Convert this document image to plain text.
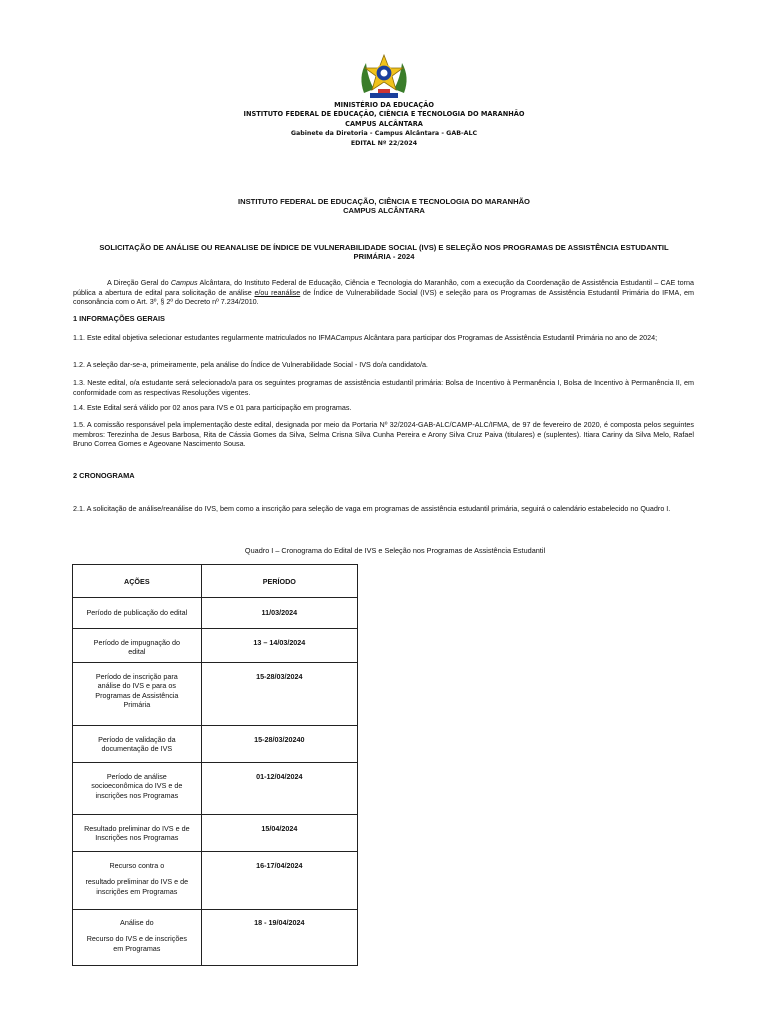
MINISTÉRIO DA EDUCAÇÃO
INSTITUTO FEDERAL DE EDUCAÇÃO, CIÊNCIA E TECNOLOGIA DO MARANHÃO
CAMPUS ALCÂNTARA
Gabinete da Diretoria - Campus Alcântara - GAB-ALC
EDITAL Nº 22/2024
INSTITUTO FEDERAL DE EDUCAÇÃO, CIÊNCIA E TECNOLOGIA DO MARANHÃO
CAMPUS ALCÂNTARA
SOLICITAÇÃO DE ANÁLISE OU REANALISE DE ÍNDICE DE VULNERABILIDADE SOCIAL (IVS) E SELEÇÃO NOS PROGRAMAS DE ASSISTÊNCIA ESTUDANTIL
PRIMÁRIA - 2024
A Direção Geral do Campus Alcântara, do Instituto Federal de Educação, Ciência e Tecnologia do Maranhão, com a execução da Coordenação de Assistência Estudantil – CAE torna pública a abertura de edital para solicitação de análise e/ou reanálise de Índice de Vulnerabilidade Social (IVS) e seleção para os Programas de Assistência Estudantil Primária do IFMA, em consonância com o Art. 3º, § 2º do Decreto nº 7.234/2010.
1 INFORMAÇÕES GERAIS
1.1. Este edital objetiva selecionar estudantes regularmente matriculados no IFMACampus Alcântara para participar dos Programas de Assistência Estudantil Primária no ano de 2024;
1.2. A seleção dar-se-a, primeiramente, pela análise do Índice de Vulnerabilidade Social - IVS do/a candidato/a.
1.3. Neste edital, o/a estudante será selecionado/a para os seguintes programas de assistência estudantil primária: Bolsa de Incentivo à Permanência I, Bolsa de Incentivo à Permanência II, em conformidade com as respectivas Resoluções vigentes.
1.4. Este Edital será válido por 02 anos para IVS e 01 para participação em programas.
1.5. A comissão responsável pela implementação deste edital, designada por meio da Portaria Nº 32/2024-GAB-ALC/CAMP-ALC/IFMA, de 97 de fevereiro de 2020, é composta pelos seguintes membros: Terezinha de Jesus Barbosa, Rita de Cássia Gomes da Silva, Selma Crisna Silva Cunha Pereira e Arony Silva Cruz Paiva (titulares) e (suplentes). Itiara Cariny da Silva Melo, Rafael Bruno Correa Gomes e Ageovane Nascimento Sousa.
2 CRONOGRAMA
2.1. A solicitação de análise/reanálise do IVS, bem como a inscrição para seleção de vaga em programas de assistência estudantil primária, seguirá o calendário estabelecido no Quadro I.
Quadro I – Cronograma do Edital de IVS e Seleção nos Programas de Assistência Estudantil
AÇÕES	PERÍODO
Período de publicação do edital	11/03/2024

Período de impugnação do edital	13 – 14/03/2024

Período de inscrição para análise do IVS e para os Programas de Assistência Primária	15-28/03/2024

Período de validação da documentação de IVS	15-28/03/20240

Período de análise socioeconômica do IVS e de inscrições nos Programas	01-12/04/2024

Resultado preliminar do IVS e de Inscrições nos Programas	15/04/2024

Recurso contra o
resultado preliminar do IVS e de inscrições em Programas	16-17/04/2024

Análise do
Recurso do IVS e de inscrições em Programas	18 - 19/04/2024
